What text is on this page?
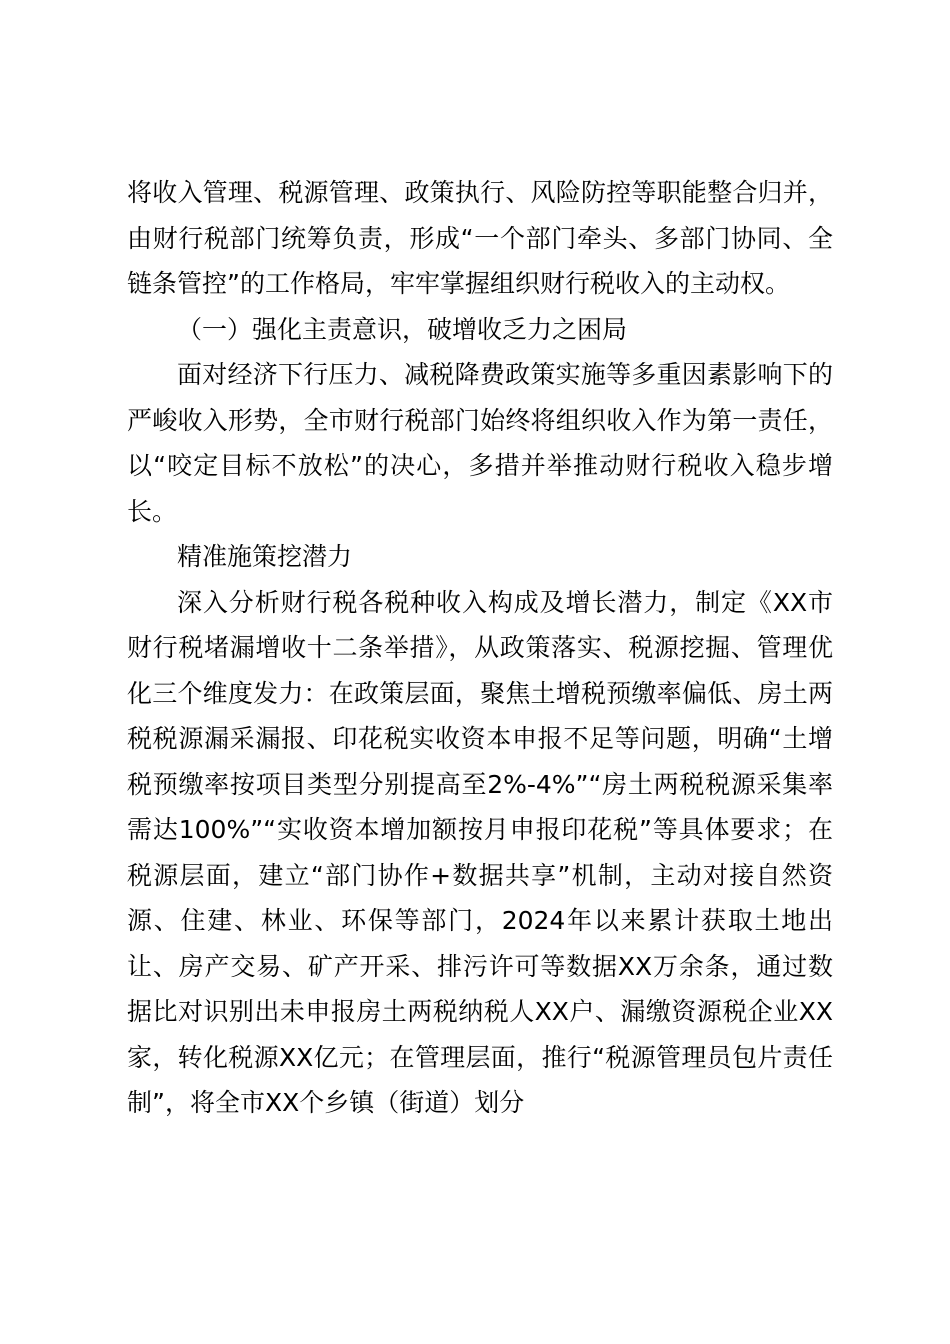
将收入管理、税源管理、政策执行、风险防控等职能整合归并，由财行税部门统筹负责，形成“一个部门牵头、多部门协同、全链条管控”的工作格局，牢牢掌握组织财行税收入的主动权。

（一）强化主责意识，破增收乏力之困局

面对经济下行压力、减税降费政策实施等多重因素影响下的严峻收入形势，全市财行税部门始终将组织收入作为第一责任，以“咬定目标不放松”的决心，多措并举推动财行税收入稳步增长。

精准施策挖潜力

深入分析财行税各税种收入构成及增长潜力，制定《XX市财行税堵漏增收十二条举措》，从政策落实、税源挖掘、管理优化三个维度发力：在政策层面，聚焦土增税预缴率偏低、房土两税税源漏采漏报、印花税实收资本申报不足等问题，明确“土增税预缴率按项目类型分别提高至2%-4%”“房土两税税源采集率需达100%”“实收资本增加额按月申报印花税”等具体要求；在税源层面，建立“部门协作+数据共享”机制，主动对接自然资源、住建、林业、环保等部门，2024年以来累计获取土地出让、房产交易、矿产开采、排污许可等数据XX万余条，通过数据比对识别出未申报房土两税纳税人XX户、漏缴资源税企业XX家，转化税源XX亿元；在管理层面，推行“税源管理员包片责任制”，将全市XX个乡镇（街道）划分
